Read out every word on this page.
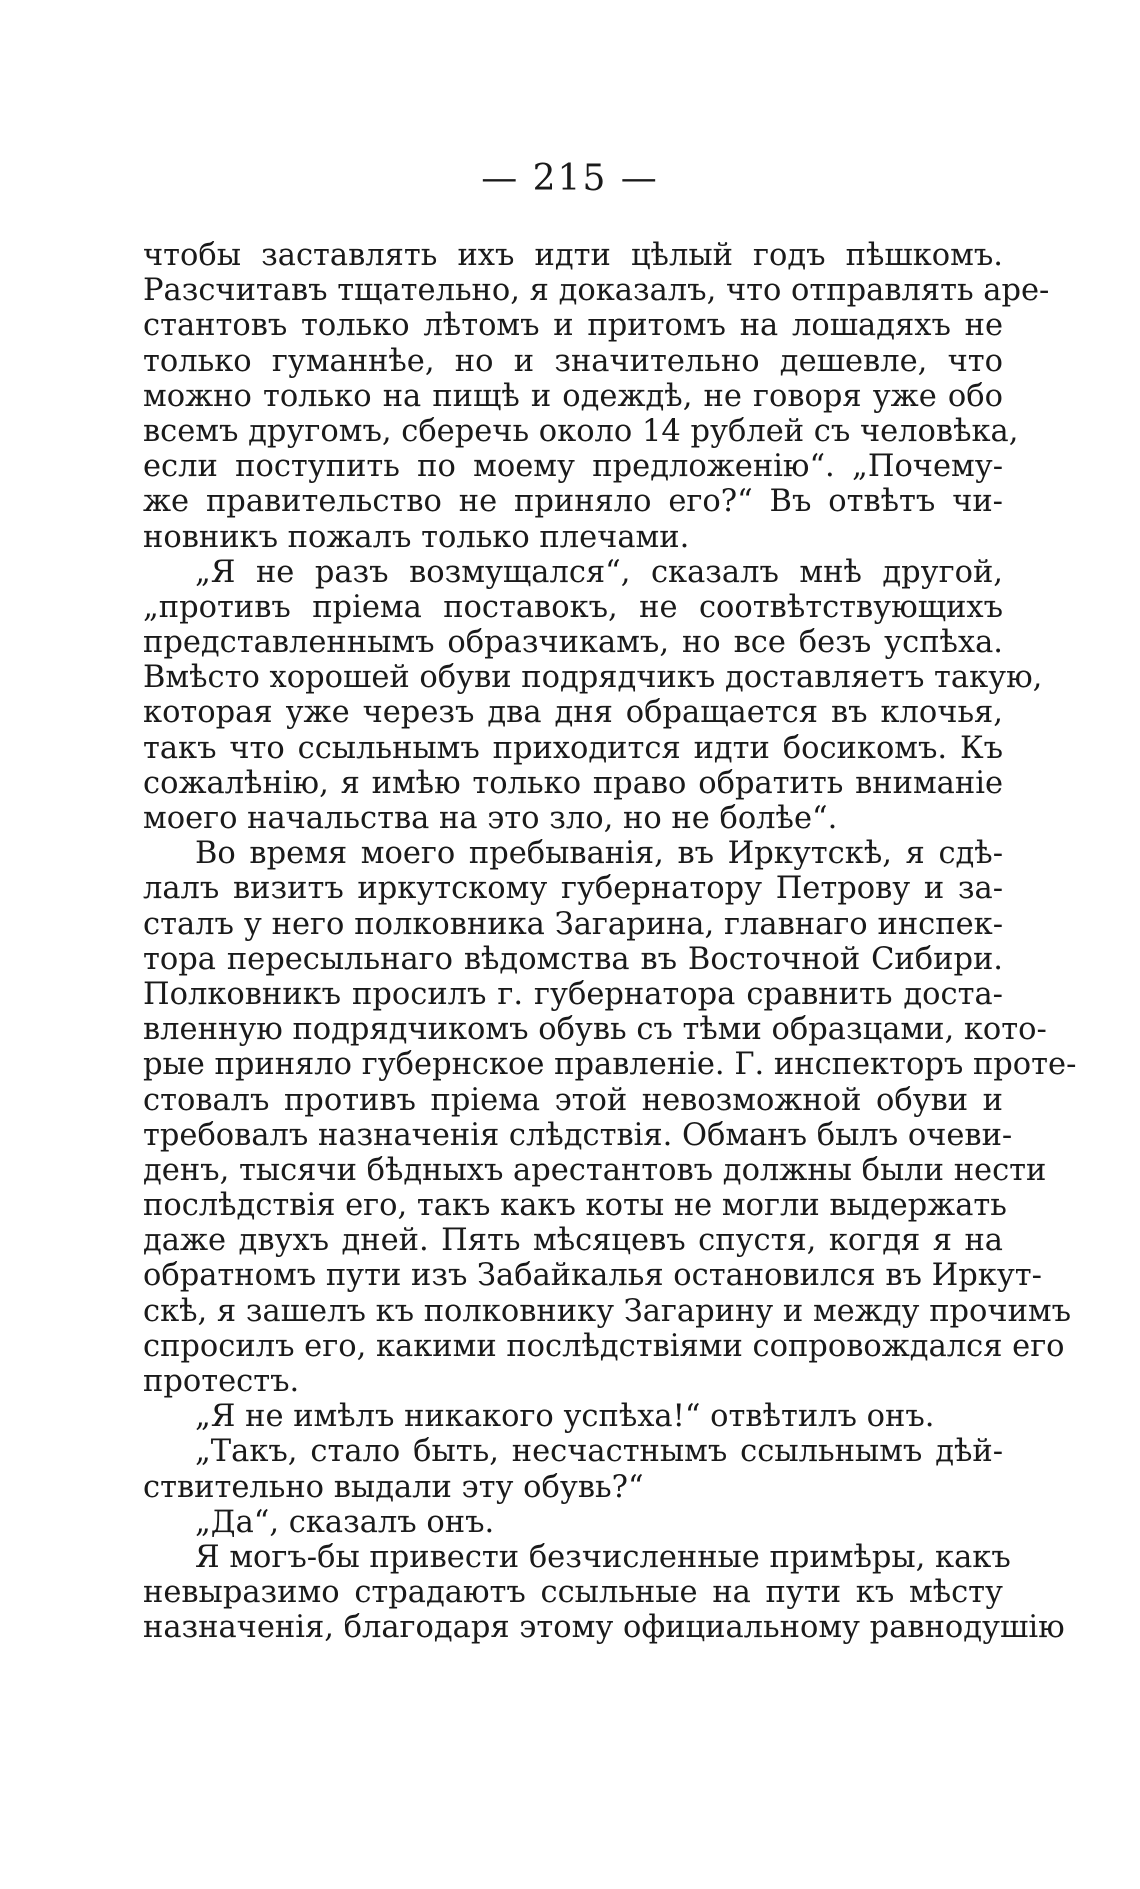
— 215 —
чтобы заставлять ихъ идти цѣлый годъ пѣшкомъ.
Разсчитавъ тщательно, я доказалъ, что отправлять аре-
стантовъ только лѣтомъ и притомъ на лошадяхъ не
только гуманнѣе, но и значительно дешевле, что
можно только на пищѣ и одеждѣ, не говоря уже обо
всемъ другомъ, сберечь около 14 рублей съ человѣка,
если поступить по моему предложенію“. „Почему-
же правительство не приняло его?“ Въ отвѣтъ чи-
новникъ пожалъ только плечами.
„Я не разъ возмущался“, сказалъ мнѣ другой,
„противъ пріема поставокъ, не соотвѣтствующихъ
представленнымъ образчикамъ, но все безъ успѣха.
Вмѣсто хорошей обуви подрядчикъ доставляетъ такую,
которая уже черезъ два дня обращается въ клочья,
такъ что ссыльнымъ приходится идти босикомъ. Къ
сожалѣнію, я имѣю только право обратить вниманіе
моего начальства на это зло, но не болѣе“.
Во время моего пребыванія, въ Иркутскѣ, я сдѣ-
лалъ визитъ иркутскому губернатору Петрову и за-
сталъ у него полковника Загарина, главнаго инспек-
тора пересыльнаго вѣдомства въ Восточной Сибири.
Полковникъ просилъ г. губернатора сравнить доста-
вленную подрядчикомъ обувь съ тѣми образцами, кото-
рые приняло губернское правленіе. Г. инспекторъ проте-
стовалъ противъ пріема этой невозможной обуви и
требовалъ назначенія слѣдствія. Обманъ былъ очеви-
денъ, тысячи бѣдныхъ арестантовъ должны были нести
послѣдствія его, такъ какъ коты не могли выдержать
даже двухъ дней. Пять мѣсяцевъ спустя, когдя я на
обратномъ пути изъ Забайкалья остановился въ Иркут-
скѣ, я зашелъ къ полковнику Загарину и между прочимъ
спросилъ его, какими послѣдствіями сопровождался его
протестъ.
„Я не имѣлъ никакого успѣха!“ отвѣтилъ онъ.
„Такъ, стало быть, несчастнымъ ссыльнымъ дѣй-
ствительно выдали эту обувь?“
„Да“, сказалъ онъ.
Я могъ-бы привести безчисленные примѣры, какъ
невыразимо страдаютъ ссыльные на пути къ мѣсту
назначенія, благодаря этому официальному равнодушію
